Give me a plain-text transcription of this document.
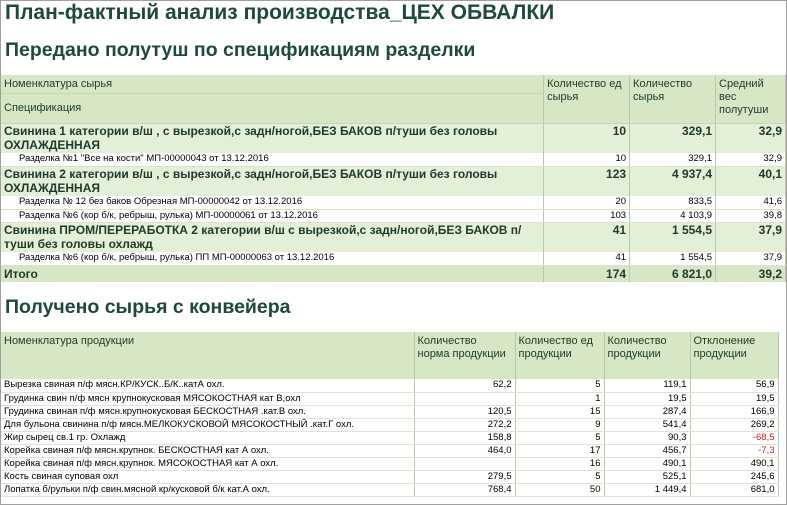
План-фактный анализ производства_ЦЕХ ОБВАЛКИ
Передано полутуш по спецификациям разделки
Номенклатура сырья	Количество ед сырья	Количество сырья	Средний вес полутуши
Спецификация			
Свинина 1 категории в/ш , с вырезкой,с задн/ногой,БЕЗ БАКОВ п/туши без головы ОХЛАЖДЕННАЯ	10	329,1	32,9
Разделка №1 "Все на кости" МП-00000043 от 13.12.2016	10	329,1	32,9
Свинина 2 категории в/ш , с вырезкой,с задн/ногой,БЕЗ БАКОВ п/туши без головы ОХЛАЖДЕННАЯ	123	4 937,4	40,1
Разделка № 12 без баков Обрезная МП-00000042 от 13.12.2016	20	833,5	41,6
Разделка №6 (кор б/к, ребрыш, рулька) МП-00000061 от 13.12.2016	103	4 103,9	39,8
Свинина ПРОМ/ПЕРЕРАБОТКА 2 категории в/ш с вырезкой,с задн/ногой,БЕЗ БАКОВ п/туши без головы охлажд	41	1 554,5	37,9
Разделка №6 (кор б/к, ребрыш, рулька) ПП МП-00000063 от 13.12.2016	41	1 554,5	37,9
Итого	174	6 821,0	39,2
Получено сырья с конвейера
Номенклатура продукции	Количество норма продукции	Количество ед продукции	Количество продукции	Отклонение продукции
Вырезка свиная п/ф мясн.КР/КУСК..Б/К..катА охл.	62,2	5	119,1	56,9
Грудинка свин п/ф мясн крупнокусковая МЯСОКОСТНАЯ кат В,охл		1	19,5	19,5
Грудинка свиная п/ф мясн.крупнокусковая БЕСКОСТНАЯ .кат.В охл.	120,5	15	287,4	166,9
Для бульона свинина п/ф мясн.МЕЛКОКУСКОВОЙ МЯСОКОСТНЫЙ .кат.Г охл.	272,2	9	541,4	269,2
Жир сырец св.1 гр. Охлажд	158,8	5	90,3	-68,5
Корейка свиная п/ф мясн.крупнок. БЕСКОСТНАЯ кат А охл.	464,0	17	456,7	-7,3
Корейка свиная п/ф мясн.крупнок. МЯСОКОСТНАЯ кат А охл.		16	490,1	490,1
Кость свиная суповая охл	279,5	5	525,1	245,6
Лопатка б/рульки п/ф свин.мясной кр/кусковой б/к кат.А охл.	768,4	50	1 449,4	681,0
